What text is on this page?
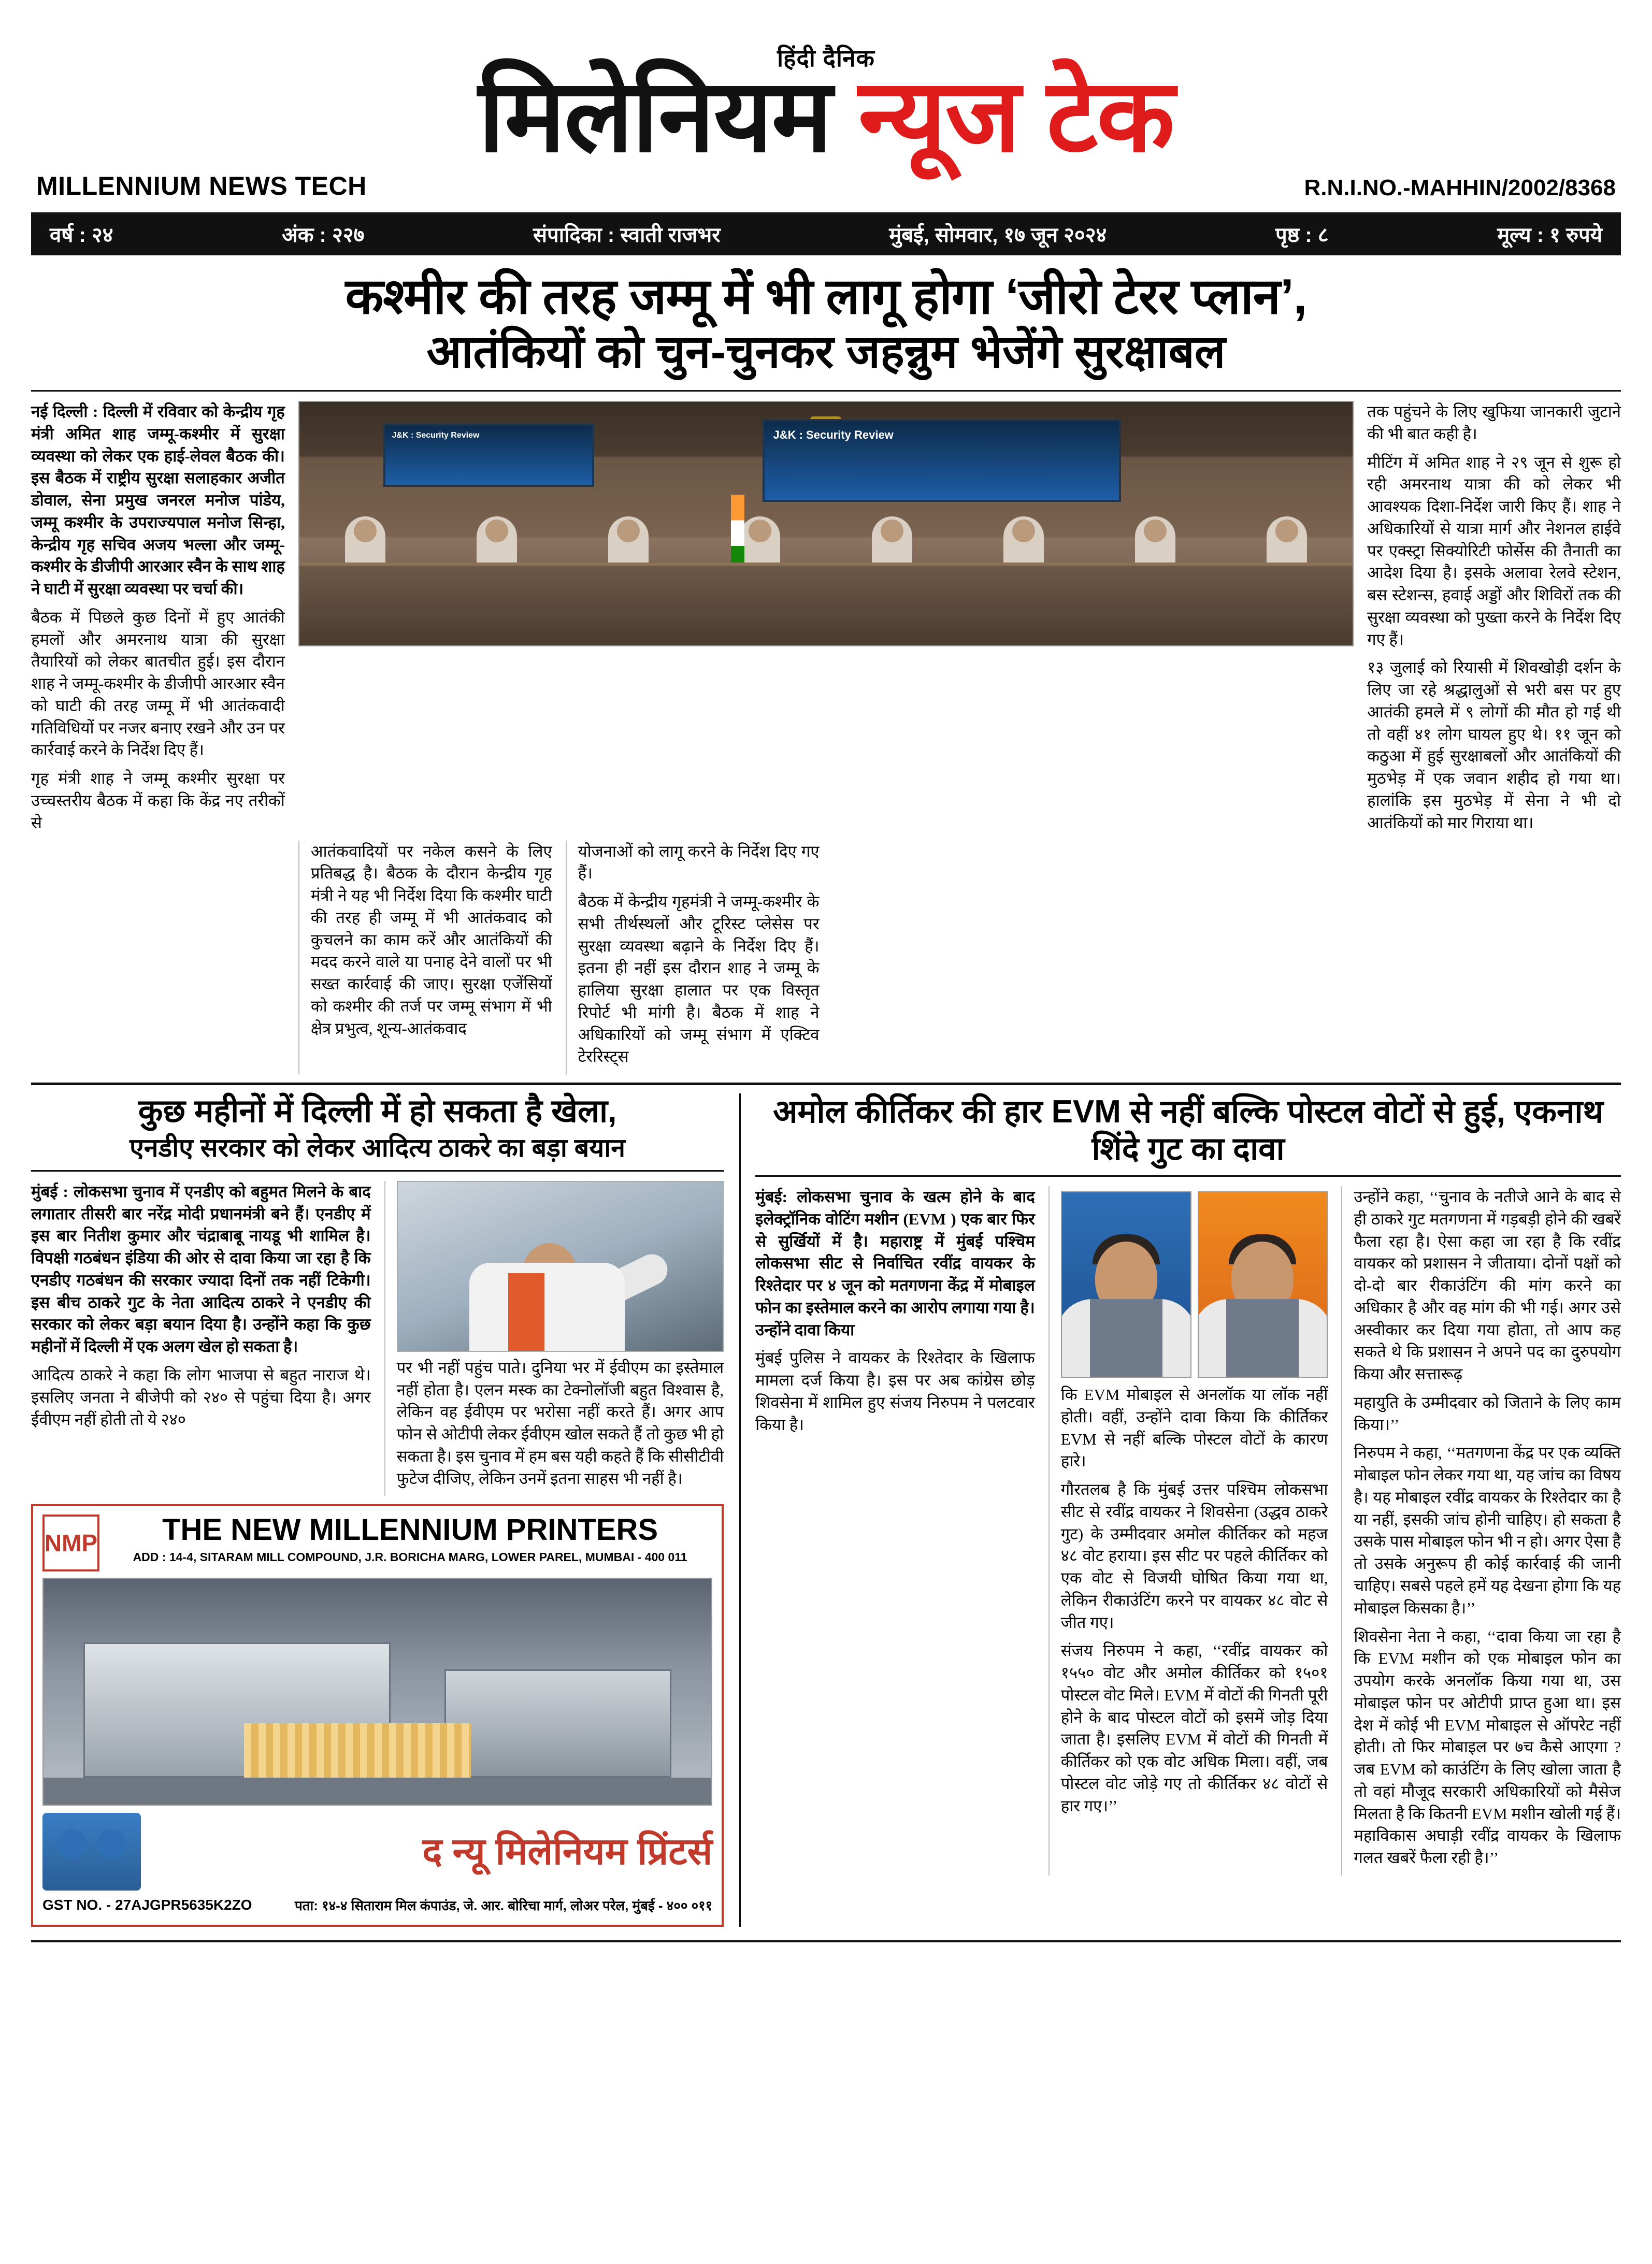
हिंदी दैनिक
मिलेनियम न्यूज टेक
MILLENNIUM NEWS TECH	R.N.I.NO.-MAHHIN/2002/8368
वर्ष : २४	अंक : २२७	संपादिका : स्वाती राजभर	मुंबई, सोमवार, १७ जून २०२४	पृष्ठ : ८	मूल्य : १ रुपये
कश्मीर की तरह जम्मू में भी लागू होगा ‘जीरो टेरर प्लान’,
आतंकियों को चुन-चुनकर जहन्नुम भेजेंगे सुरक्षाबल

नई दिल्ली : दिल्ली में रविवार को केन्द्रीय गृह मंत्री अमित शाह जम्मू-कश्मीर में सुरक्षा व्यवस्था को लेकर एक हाई-लेवल बैठक की। इस बैठक में राष्ट्रीय सुरक्षा सलाहकार अजीत डोवाल, सेना प्रमुख जनरल मनोज पांडेय, जम्मू कश्मीर के उपराज्यपाल मनोज सिन्हा, केन्द्रीय गृह सचिव अजय भल्ला और जम्मू-कश्मीर के डीजीपी आरआर स्वैन के साथ शाह ने घाटी में सुरक्षा व्यवस्था पर चर्चा की।

बैठक में पिछले कुछ दिनों में हुए आतंकी हमलों और अमरनाथ यात्रा की सुरक्षा तैयारियों को लेकर बातचीत हुई। इस दौरान शाह ने जम्मू-कश्मीर के डीजीपी आरआर स्वैन को घाटी की तरह जम्मू में भी आतंकवादी गतिविधियों पर नजर बनाए रखने और उन पर कार्रवाई करने के निर्देश दिए हैं।

गृह मंत्री शाह ने जम्मू कश्मीर सुरक्षा पर उच्चस्तरीय बैठक में कहा कि केंद्र नए तरीकों से

J&K : Security Review
J&K : Security Review

तक पहुंचने के लिए खुफिया जानकारी जुटाने की भी बात कही है।

मीटिंग में अमित शाह ने २९ जून से शुरू हो रही अमरनाथ यात्रा की को लेकर भी आवश्यक दिशा-निर्देश जारी किए हैं। शाह ने अधिकारियों से यात्रा मार्ग और नेशनल हाईवे पर एक्स्ट्रा सिक्योरिटी फोर्सेस की तैनाती का आदेश दिया है। इसके अलावा रेलवे स्टेशन, बस स्टेशन्स, हवाई अड्डों और शिविरों तक की सुरक्षा व्यवस्था को पुख्ता करने के निर्देश दिए गए हैं।

१३ जुलाई को रियासी में शिवखोड़ी दर्शन के लिए जा रहे श्रद्धालुओं से भरी बस पर हुए आतंकी हमले में ९ लोगों की मौत हो गई थी तो वहीं ४१ लोग घायल हुए थे। ११ जून को कठुआ में हुई सुरक्षाबलों और आतंकियों की मुठभेड़ में एक जवान शहीद हो गया था। हालांकि इस मुठभेड़ में सेना ने भी दो आतंकियों को मार गिराया था।

आतंकवादियों पर नकेल कसने के लिए प्रतिबद्ध है। बैठक के दौरान केन्द्रीय गृह मंत्री ने यह भी निर्देश दिया कि कश्मीर घाटी की तरह ही जम्मू में भी आतंकवाद को कुचलने का काम करें और आतंकियों की मदद करने वाले या पनाह देने वालों पर भी सख्त कार्रवाई की जाए। सुरक्षा एजेंसियों को कश्मीर की तर्ज पर जम्मू संभाग में भी क्षेत्र प्रभुत्व, शून्य-आतंकवाद

योजनाओं को लागू करने के निर्देश दिए गए हैं।

बैठक में केन्द्रीय गृहमंत्री ने जम्मू-कश्मीर के सभी तीर्थस्थलों और टूरिस्ट प्लेसेस पर सुरक्षा व्यवस्था बढ़ाने के निर्देश दिए हैं। इतना ही नहीं इस दौरान शाह ने जम्मू के हालिया सुरक्षा हालात पर एक विस्तृत रिपोर्ट भी मांगी है। बैठक में शाह ने अधिकारियों को जम्मू संभाग में एक्टिव टेररिस्ट्स

कुछ महीनों में दिल्ली में हो सकता है खेला,
एनडीए सरकार को लेकर आदित्य ठाकरे का बड़ा बयान

मुंबई : लोकसभा चुनाव में एनडीए को बहुमत मिलने के बाद लगातार तीसरी बार नरेंद्र मोदी प्रधानमंत्री बने हैं। एनडीए में इस बार नितीश कुमार और चंद्राबाबू नायडू भी शामिल है। विपक्षी गठबंधन इंडिया की ओर से दावा किया जा रहा है कि एनडीए गठबंधन की सरकार ज्यादा दिनों तक नहीं टिकेगी। इस बीच ठाकरे गुट के नेता आदित्य ठाकरे ने एनडीए की सरकार को लेकर बड़ा बयान दिया है। उन्होंने कहा कि कुछ महीनों में दिल्ली में एक अलग खेल हो सकता है।

आदित्य ठाकरे ने कहा कि लोग भाजपा से बहुत नाराज थे। इसलिए जनता ने बीजेपी को २४० से पहुंचा दिया है। अगर ईवीएम नहीं होती तो ये २४०

पर भी नहीं पहुंच पाते। दुनिया भर में ईवीएम का इस्तेमाल नहीं होता है। एलन मस्क का टेक्नोलॉजी बहुत विश्वास है, लेकिन वह ईवीएम पर भरोसा नहीं करते हैं। अगर आप फोन से ओटीपी लेकर ईवीएम खोल सकते हैं तो कुछ भी हो सकता है। इस चुनाव में हम बस यही कहते हैं कि सीसीटीवी फुटेज दीजिए, लेकिन उनमें इतना साहस भी नहीं है।

NMP	THE NEW MILLENNIUM PRINTERS
ADD : 14-4, SITARAM MILL COMPOUND, J.R. BORICHA MARG, LOWER PAREL, MUMBAI - 400 011
द न्यू मिलेनियम प्रिंटर्स
GST NO. - 27AJGPR5635K2ZO	पता: १४-४ सिताराम मिल कंपाउंड, जे. आर. बोरिचा मार्ग, लोअर परेल, मुंबई - ४०० ०११
अमोल कीर्तिकर की हार EVM से नहीं बल्कि पोस्टल वोटों से हुई, एकनाथ शिंदे गुट का दावा

मुंबई: लोकसभा चुनाव के खत्म होने के बाद इलेक्ट्रॉनिक वोटिंग मशीन (EVM ) एक बार फिर से सुर्खियों में है। महाराष्ट्र में मुंबई पश्चिम लोकसभा सीट से निर्वाचित रवींद्र वायकर के रिश्तेदार पर ४ जून को मतगणना केंद्र में मोबाइल फोन का इस्तेमाल करने का आरोप लगाया गया है। उन्होंने दावा किया

मुंबई पुलिस ने वायकर के रिश्तेदार के खिलाफ मामला दर्ज किया है। इस पर अब कांग्रेस छोड़ शिवसेना में शामिल हुए संजय निरुपम ने पलटवार किया है।

कि EVM मोबाइल से अनलॉक या लॉक नहीं होती। वहीं, उन्होंने दावा किया कि कीर्तिकर EVM से नहीं बल्कि पोस्टल वोटों के कारण हारे।

गौरतलब है कि मुंबई उत्तर पश्चिम लोकसभा सीट से रवींद्र वायकर ने शिवसेना (उद्धव ठाकरे गुट) के उम्मीदवार अमोल कीर्तिकर को महज ४८ वोट हराया। इस सीट पर पहले कीर्तिकर को एक वोट से विजयी घोषित किया गया था, लेकिन रीकाउंटिंग करने पर वायकर ४८ वोट से जीत गए।

संजय निरुपम ने कहा, ‘‘रवींद्र वायकर को १५५० वोट और अमोल कीर्तिकर को १५०१ पोस्टल वोट मिले। EVM में वोटों की गिनती पूरी होने के बाद पोस्टल वोटों को इसमें जोड़ दिया जाता है। इसलिए EVM में वोटों की गिनती में कीर्तिकर को एक वोट अधिक मिला। वहीं, जब पोस्टल वोट जोड़े गए तो कीर्तिकर ४८ वोटों से हार गए।’’

उन्होंने कहा, ‘‘चुनाव के नतीजे आने के बाद से ही ठाकरे गुट मतगणना में गड़बड़ी होने की खबरें फैला रहा है। ऐसा कहा जा रहा है कि रवींद्र वायकर को प्रशासन ने जीताया। दोनों पक्षों को दो-दो बार रीकाउंटिंग की मांग करने का अधिकार है और वह मांग की भी गई। अगर उसे अस्वीकार कर दिया गया होता, तो आप कह सकते थे कि प्रशासन ने अपने पद का दुरुपयोग किया और सत्तारूढ़

महायुति के उम्मीदवार को जिताने के लिए काम किया।’’

निरुपम ने कहा, ‘‘मतगणना केंद्र पर एक व्यक्ति मोबाइल फोन लेकर गया था, यह जांच का विषय है। यह मोबाइल रवींद्र वायकर के रिश्तेदार का है या नहीं, इसकी जांच होनी चाहिए। हो सकता है उसके पास मोबाइल फोन भी न हो। अगर ऐसा है तो उसके अनुरूप ही कोई कार्रवाई की जानी चाहिए। सबसे पहले हमें यह देखना होगा कि यह मोबाइल किसका है।’’

शिवसेना नेता ने कहा, ‘‘दावा किया जा रहा है कि EVM मशीन को एक मोबाइल फोन का उपयोग करके अनलॉक किया गया था, उस मोबाइल फोन पर ओटीपी प्राप्त हुआ था। इस देश में कोई भी EVM मोबाइल से ऑपरेट नहीं होती। तो फिर मोबाइल पर ७च कैसे आएगा ? जब EVM को काउंटिंग के लिए खोला जाता है तो वहां मौजूद सरकारी अधिकारियों को मैसेज मिलता है कि कितनी EVM मशीन खोली गई हैं। महाविकास अघाड़ी रवींद्र वायकर के खिलाफ गलत खबरें फैला रही है।’’
